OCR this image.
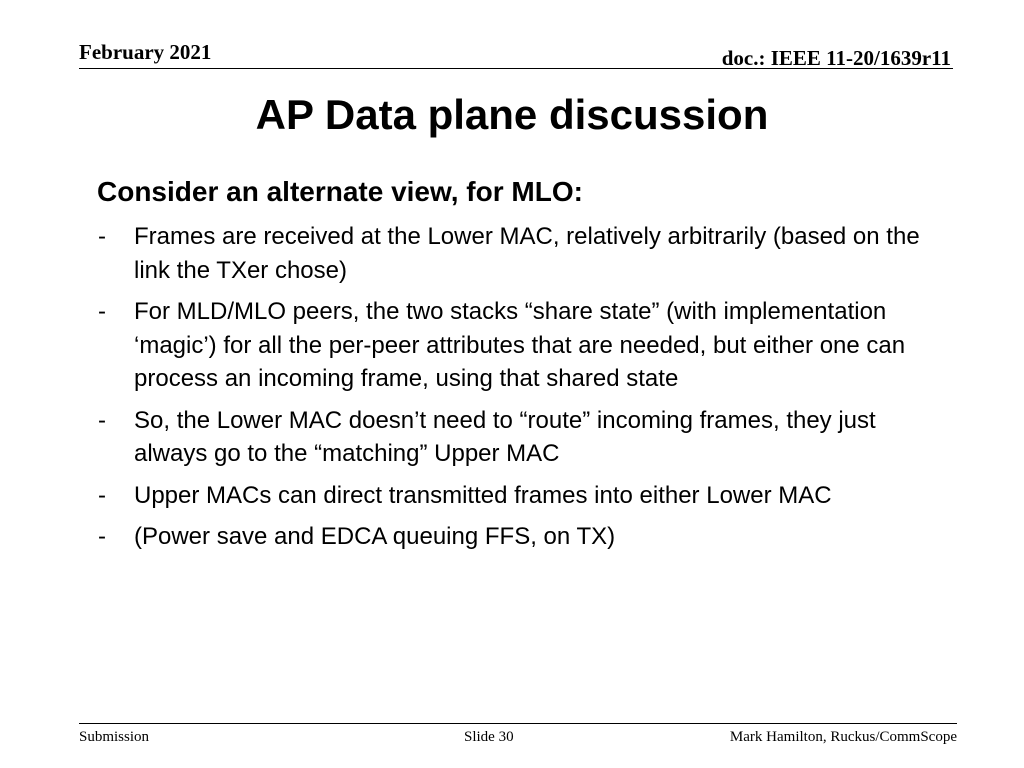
February 2021	doc.: IEEE 11-20/1639r11
AP Data plane discussion
Consider an alternate view, for MLO:
- Frames are received at the Lower MAC, relatively arbitrarily (based on the link the TXer chose)
- For MLD/MLO peers, the two stacks “share state” (with implementation ‘magic’) for all the per-peer attributes that are needed, but either one can process an incoming frame, using that shared state
- So, the Lower MAC doesn’t need to “route” incoming frames, they just always go to the “matching” Upper MAC
- Upper MACs can direct transmitted frames into either Lower MAC
- (Power save and EDCA queuing FFS, on TX)
Submission	Slide 30	Mark Hamilton, Ruckus/CommScope
